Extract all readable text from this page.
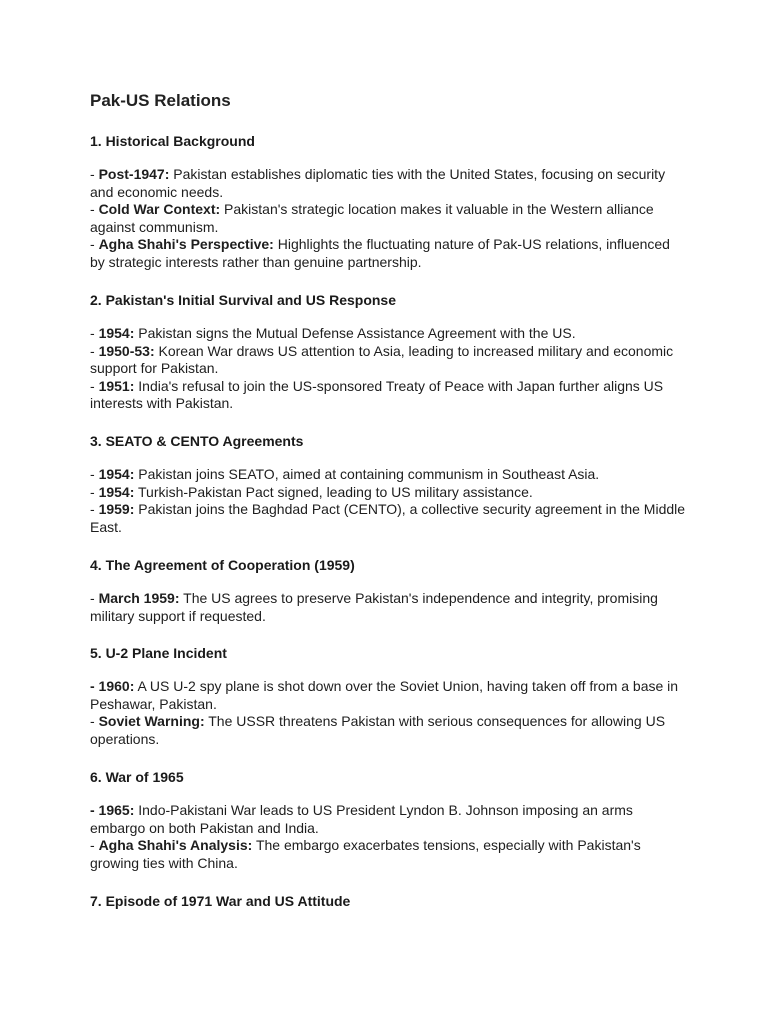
Pak-US Relations
1. Historical Background
- Post-1947: Pakistan establishes diplomatic ties with the United States, focusing on security
and economic needs.
- Cold War Context: Pakistan's strategic location makes it valuable in the Western alliance
against communism.
- Agha Shahi's Perspective: Highlights the fluctuating nature of Pak-US relations, influenced
by strategic interests rather than genuine partnership.
2. Pakistan's Initial Survival and US Response
- 1954: Pakistan signs the Mutual Defense Assistance Agreement with the US.
- 1950-53: Korean War draws US attention to Asia, leading to increased military and economic
support for Pakistan.
- 1951: India's refusal to join the US-sponsored Treaty of Peace with Japan further aligns US
interests with Pakistan.
3. SEATO & CENTO Agreements
- 1954: Pakistan joins SEATO, aimed at containing communism in Southeast Asia.
- 1954: Turkish-Pakistan Pact signed, leading to US military assistance.
- 1959: Pakistan joins the Baghdad Pact (CENTO), a collective security agreement in the Middle
East.
4. The Agreement of Cooperation (1959)
- March 1959: The US agrees to preserve Pakistan's independence and integrity, promising
military support if requested.
5. U-2 Plane Incident
- 1960: A US U-2 spy plane is shot down over the Soviet Union, having taken off from a base in
Peshawar, Pakistan.
- Soviet Warning: The USSR threatens Pakistan with serious consequences for allowing US
operations.
6. War of 1965
- 1965: Indo-Pakistani War leads to US President Lyndon B. Johnson imposing an arms
embargo on both Pakistan and India.
- Agha Shahi's Analysis: The embargo exacerbates tensions, especially with Pakistan's
growing ties with China.
7. Episode of 1971 War and US Attitude
